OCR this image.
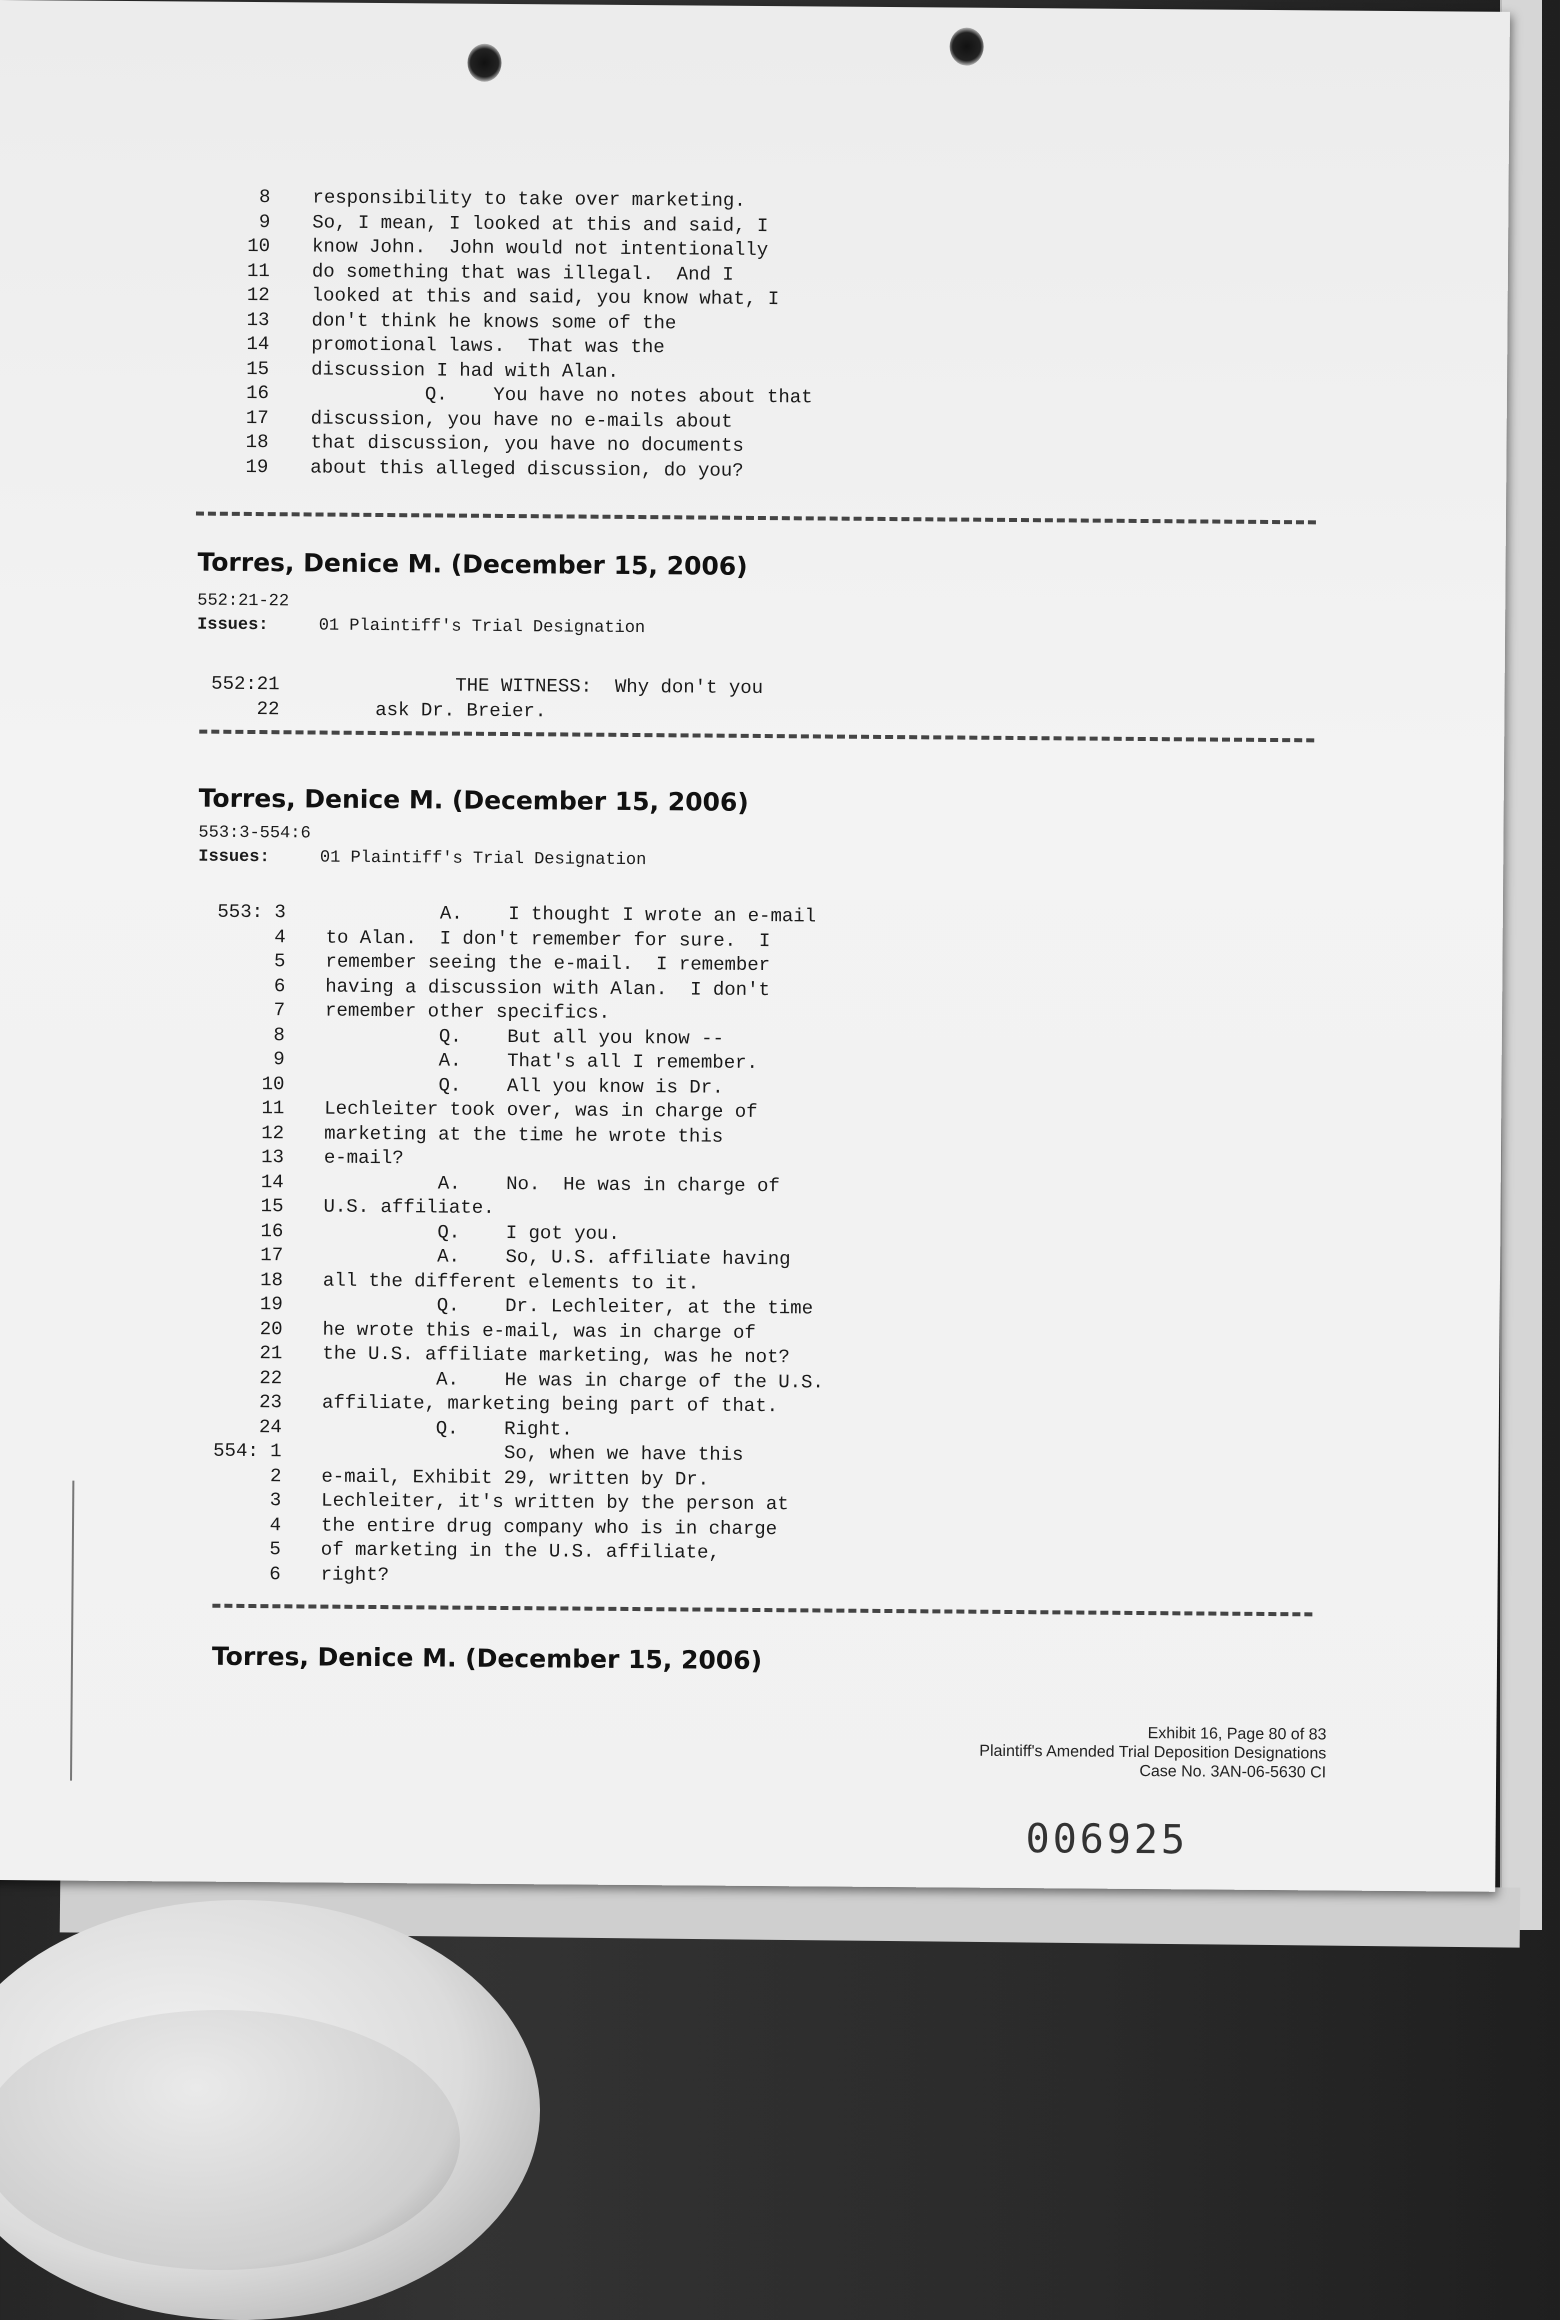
8 responsibility to take over marketing.
9 So, I mean, I looked at this and said, I
10 know John.  John would not intentionally
11 do something that was illegal.  And I
12 looked at this and said, you know what, I
13 don't think he knows some of the
14 promotional laws.  That was the
15 discussion I had with Alan.
16 Q.    You have no notes about that
17 discussion, you have no e-mails about
18 that discussion, you have no documents
19 about this alleged discussion, do you?
Torres, Denice M. (December 15, 2006)
552:21-22
Issues:	01 Plaintiff's Trial Designation
552:21 THE WITNESS:  Why don't you
22 ask Dr. Breier.
Torres, Denice M. (December 15, 2006)
553:3-554:6
Issues:	01 Plaintiff's Trial Designation
553: 3 A.    I thought I wrote an e-mail
4 to Alan.  I don't remember for sure.  I
5 remember seeing the e-mail.  I remember
6 having a discussion with Alan.  I don't
7 remember other specifics.
8 Q.    But all you know --
9 A.    That's all I remember.
10 Q.    All you know is Dr.
11 Lechleiter took over, was in charge of
12 marketing at the time he wrote this
13 e-mail?
14 A.    No.  He was in charge of
15 U.S. affiliate.
16 Q.    I got you.
17 A.    So, U.S. affiliate having
18 all the different elements to it.
19 Q.    Dr. Lechleiter, at the time
20 he wrote this e-mail, was in charge of
21 the U.S. affiliate marketing, was he not?
22 A.    He was in charge of the U.S.
23 affiliate, marketing being part of that.
24 Q.    Right.
554: 1 So, when we have this
2 e-mail, Exhibit 29, written by Dr.
3 Lechleiter, it's written by the person at
4 the entire drug company who is in charge
5 of marketing in the U.S. affiliate,
6 right?
Torres, Denice M. (December 15, 2006)
Exhibit 16, Page 80 of 83
Plaintiff's Amended Trial Deposition Designations
Case No. 3AN-06-5630 CI
006925
